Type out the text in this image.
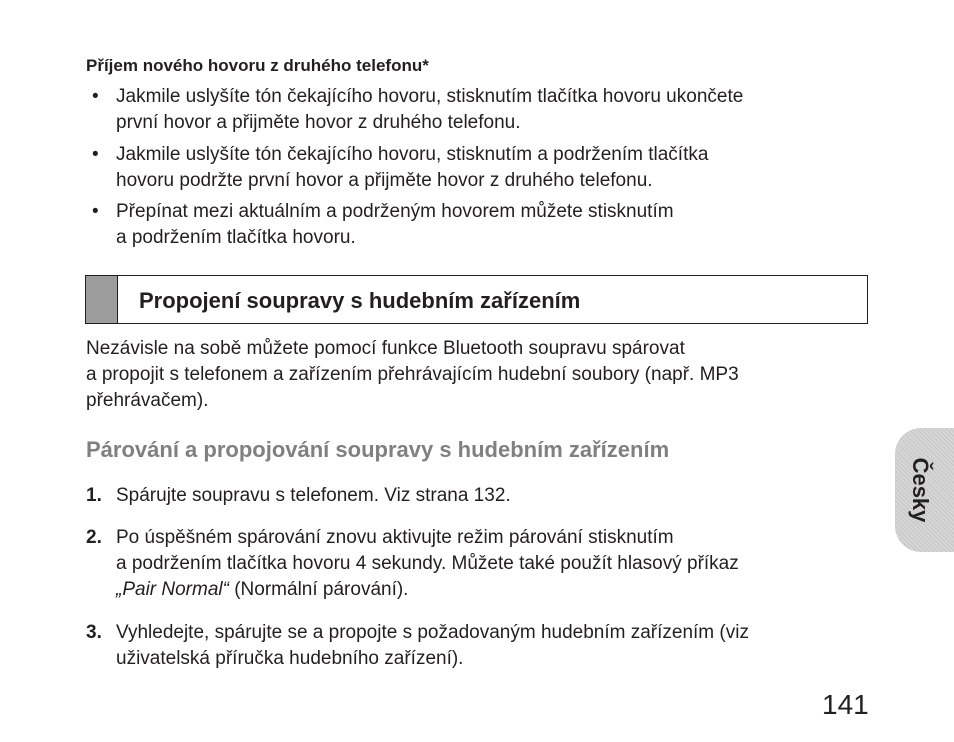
Příjem nového hovoru z druhého telefonu*
• Jakmile uslyšíte tón čekajícího hovoru, stisknutím tlačítka hovoru ukončete
první hovor a přijměte hovor z druhého telefonu.
• Jakmile uslyšíte tón čekajícího hovoru, stisknutím a podržením tlačítka
hovoru podržte první hovor a přijměte hovor z druhého telefonu.
• Přepínat mezi aktuálním a podrženým hovorem můžete stisknutím
a podržením tlačítka hovoru.
Propojení soupravy s hudebním zařízením
Nezávisle na sobě můžete pomocí funkce Bluetooth soupravu spárovat
a propojit s telefonem a zařízením přehrávajícím hudební soubory (např. MP3
přehrávačem).
Párování a propojování soupravy s hudebním zařízením
1. Spárujte soupravu s telefonem. Viz strana 132.
2. Po úspěšném spárování znovu aktivujte režim párování stisknutím
a podržením tlačítka hovoru 4 sekundy. Můžete také použít hlasový příkaz
„Pair Normal“ (Normální párování).
3. Vyhledejte, spárujte se a propojte s požadovaným hudebním zařízením (viz
uživatelská příručka hudebního zařízení).
Česky
141
